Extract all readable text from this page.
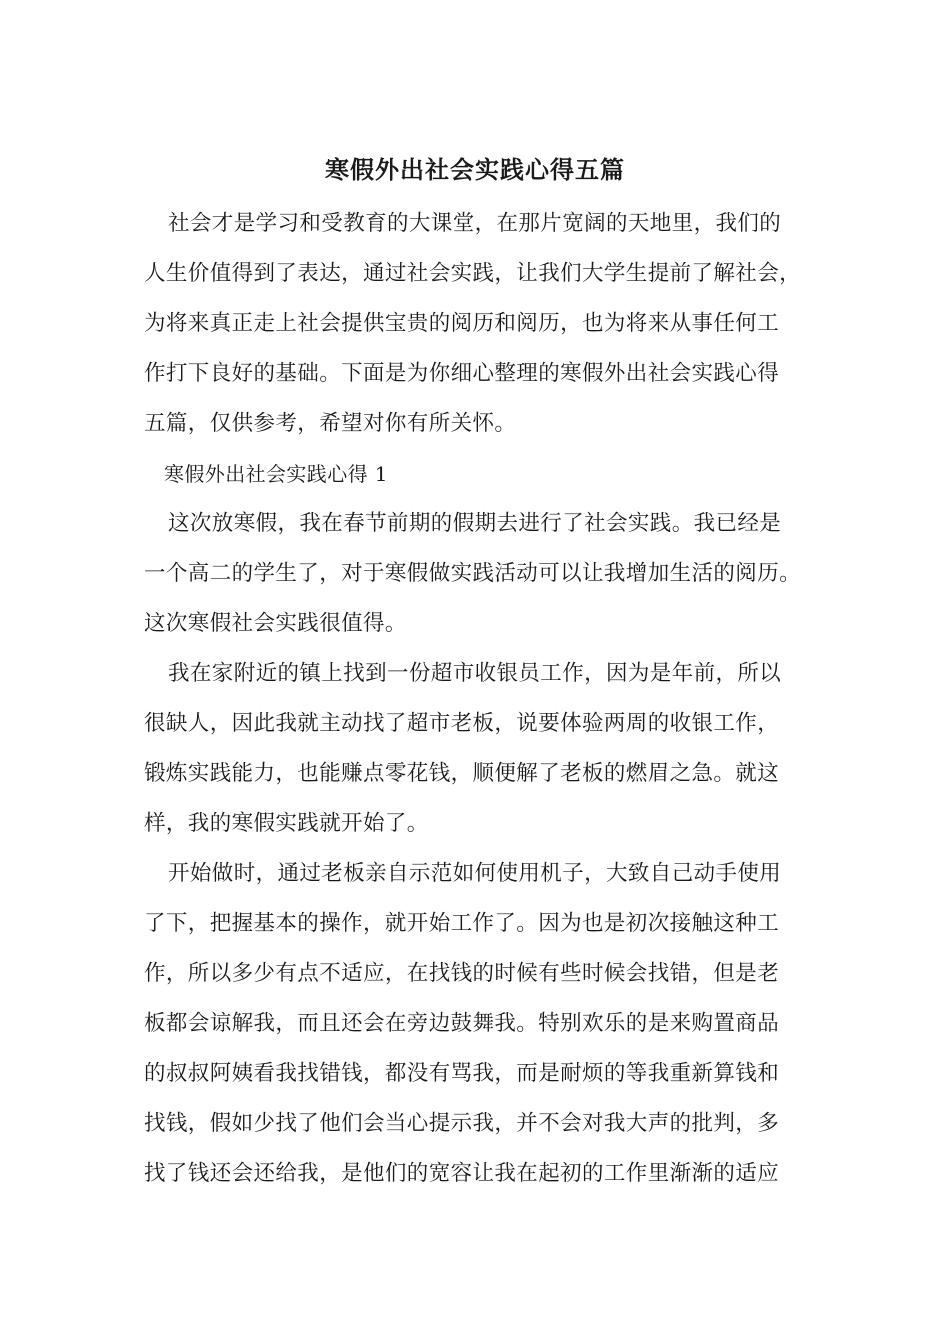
寒假外出社会实践心得五篇
社会才是学习和受教育的大课堂，在那片宽阔的天地里，我们的
人生价值得到了表达，通过社会实践，让我们大学生提前了解社会，
为将来真正走上社会提供宝贵的阅历和阅历，也为将来从事任何工
作打下良好的基础。下面是为你细心整理的寒假外出社会实践心得
五篇，仅供参考，希望对你有所关怀。
寒假外出社会实践心得 1
这次放寒假，我在春节前期的假期去进行了社会实践。我已经是
一个高二的学生了，对于寒假做实践活动可以让我增加生活的阅历。
这次寒假社会实践很值得。
我在家附近的镇上找到一份超市收银员工作，因为是年前，所以
很缺人，因此我就主动找了超市老板，说要体验两周的收银工作，
锻炼实践能力，也能赚点零花钱，顺便解了老板的燃眉之急。就这
样，我的寒假实践就开始了。
开始做时，通过老板亲自示范如何使用机子，大致自己动手使用
了下，把握基本的操作，就开始工作了。因为也是初次接触这种工
作，所以多少有点不适应，在找钱的时候有些时候会找错，但是老
板都会谅解我，而且还会在旁边鼓舞我。特别欢乐的是来购置商品
的叔叔阿姨看我找错钱，都没有骂我，而是耐烦的等我重新算钱和
找钱，假如少找了他们会当心提示我，并不会对我大声的批判，多
找了钱还会还给我，是他们的宽容让我在起初的工作里渐渐的适应
